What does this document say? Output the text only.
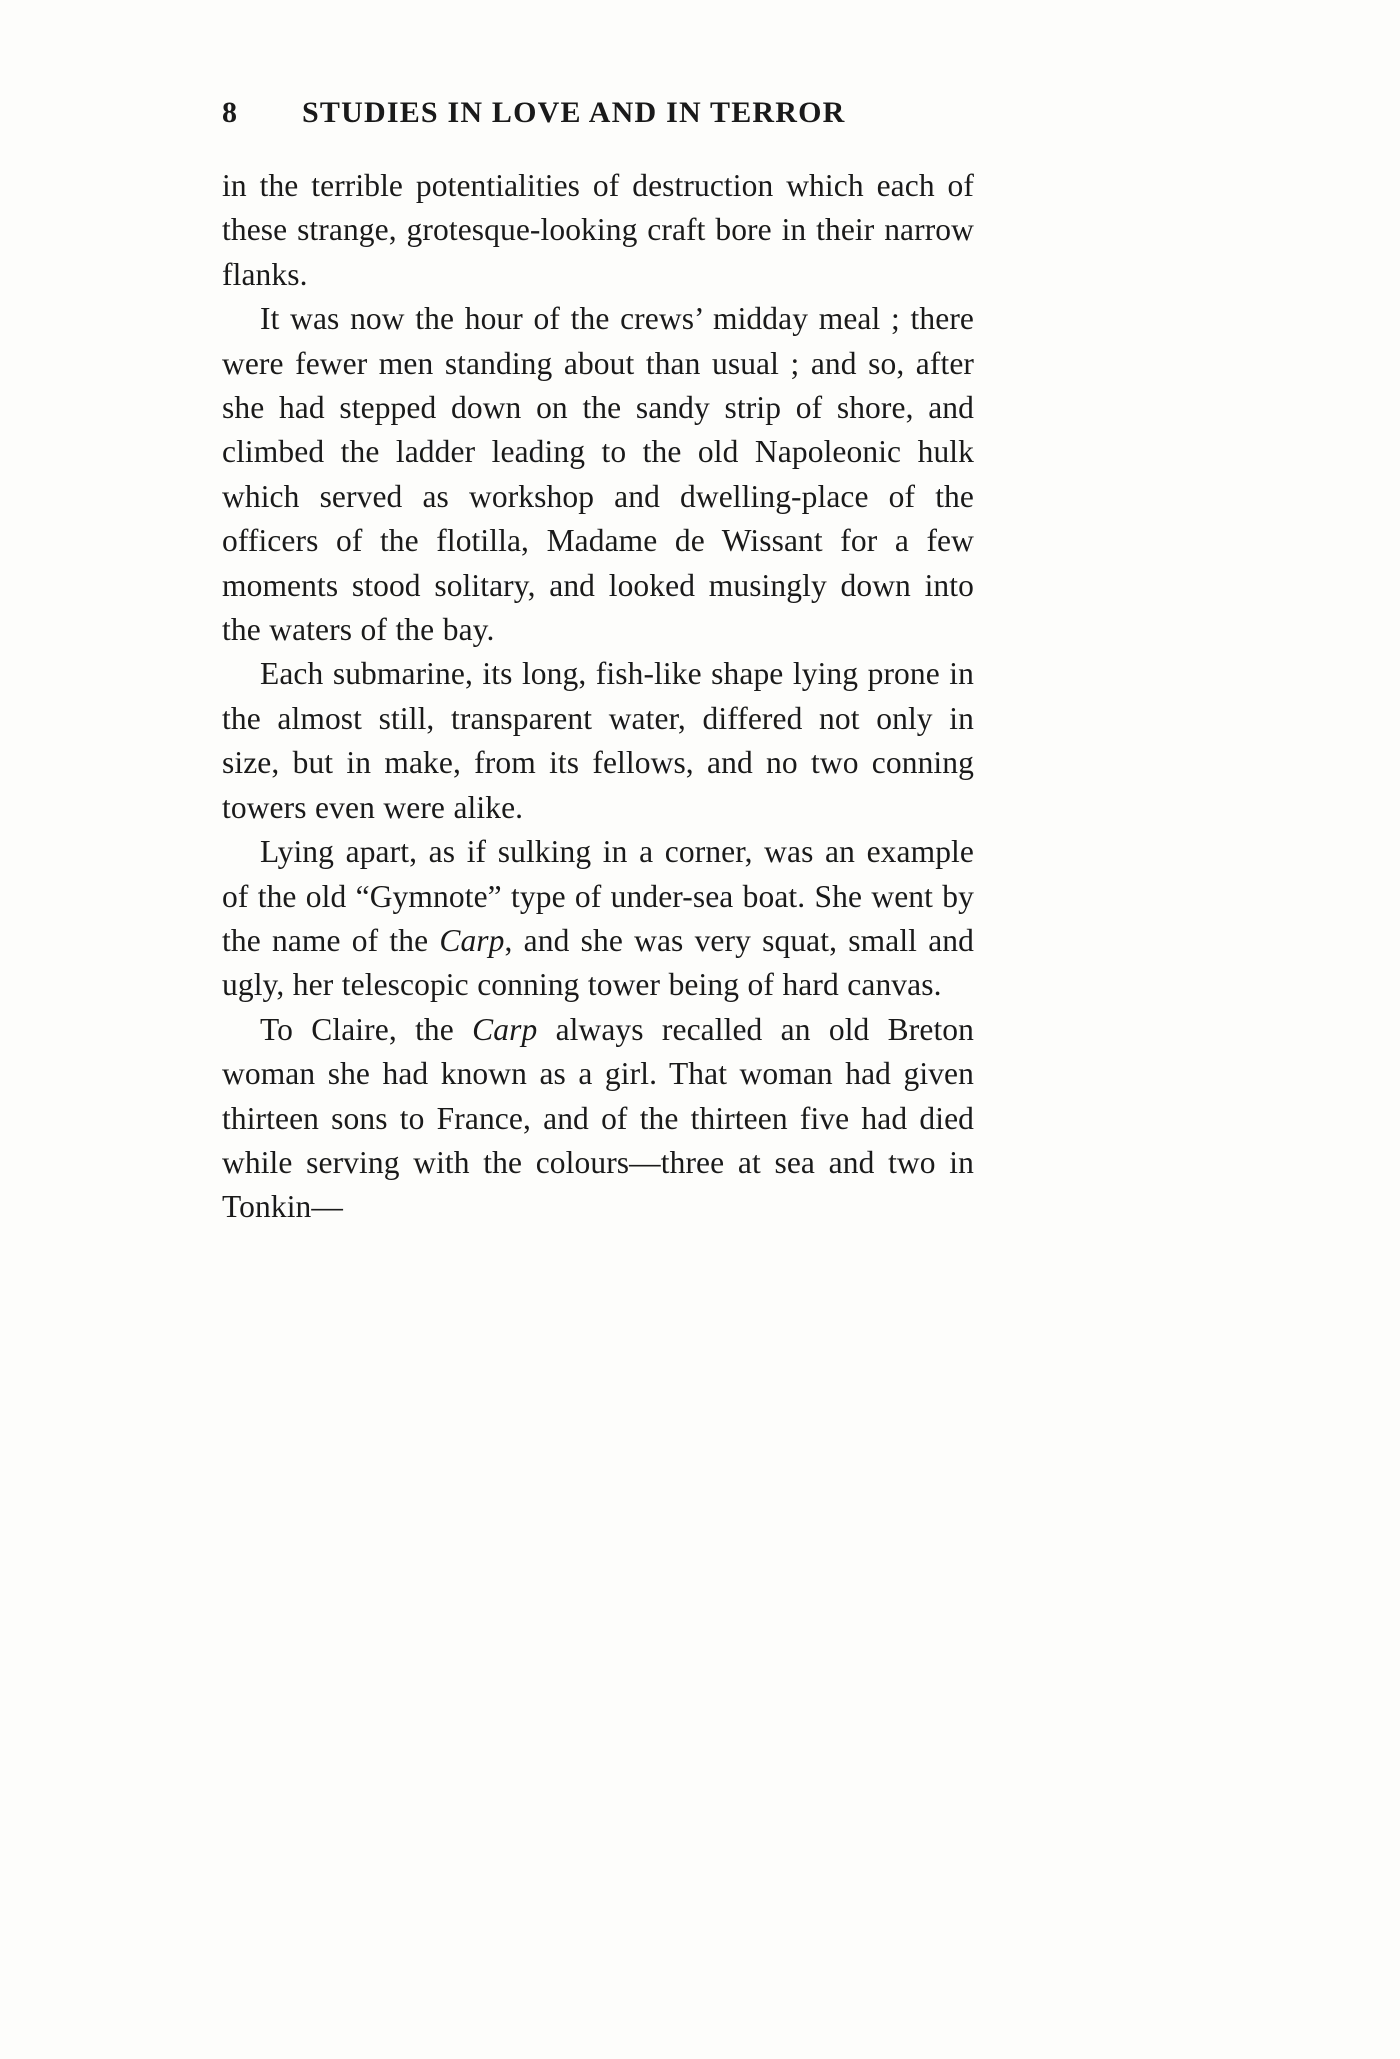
8	STUDIES IN LOVE AND IN TERROR

in the terrible potentialities of destruction which each of these strange, grotesque-looking craft bore in their narrow flanks.

It was now the hour of the crews’ midday meal ; there were fewer men standing about than usual ; and so, after she had stepped down on the sandy strip of shore, and climbed the ladder leading to the old Napoleonic hulk which served as workshop and dwelling-place of the officers of the flotilla, Madame de Wissant for a few moments stood solitary, and looked musingly down into the waters of the bay.

Each submarine, its long, fish-like shape lying prone in the almost still, transparent water, differed not only in size, but in make, from its fellows, and no two conning towers even were alike.

Lying apart, as if sulking in a corner, was an example of the old “Gymnote” type of under-sea boat. She went by the name of the Carp, and she was very squat, small and ugly, her telescopic conning tower being of hard canvas.

To Claire, the Carp always recalled an old Breton woman she had known as a girl. That woman had given thirteen sons to France, and of the thirteen five had died while serving with the colours—three at sea and two in Tonkin—
